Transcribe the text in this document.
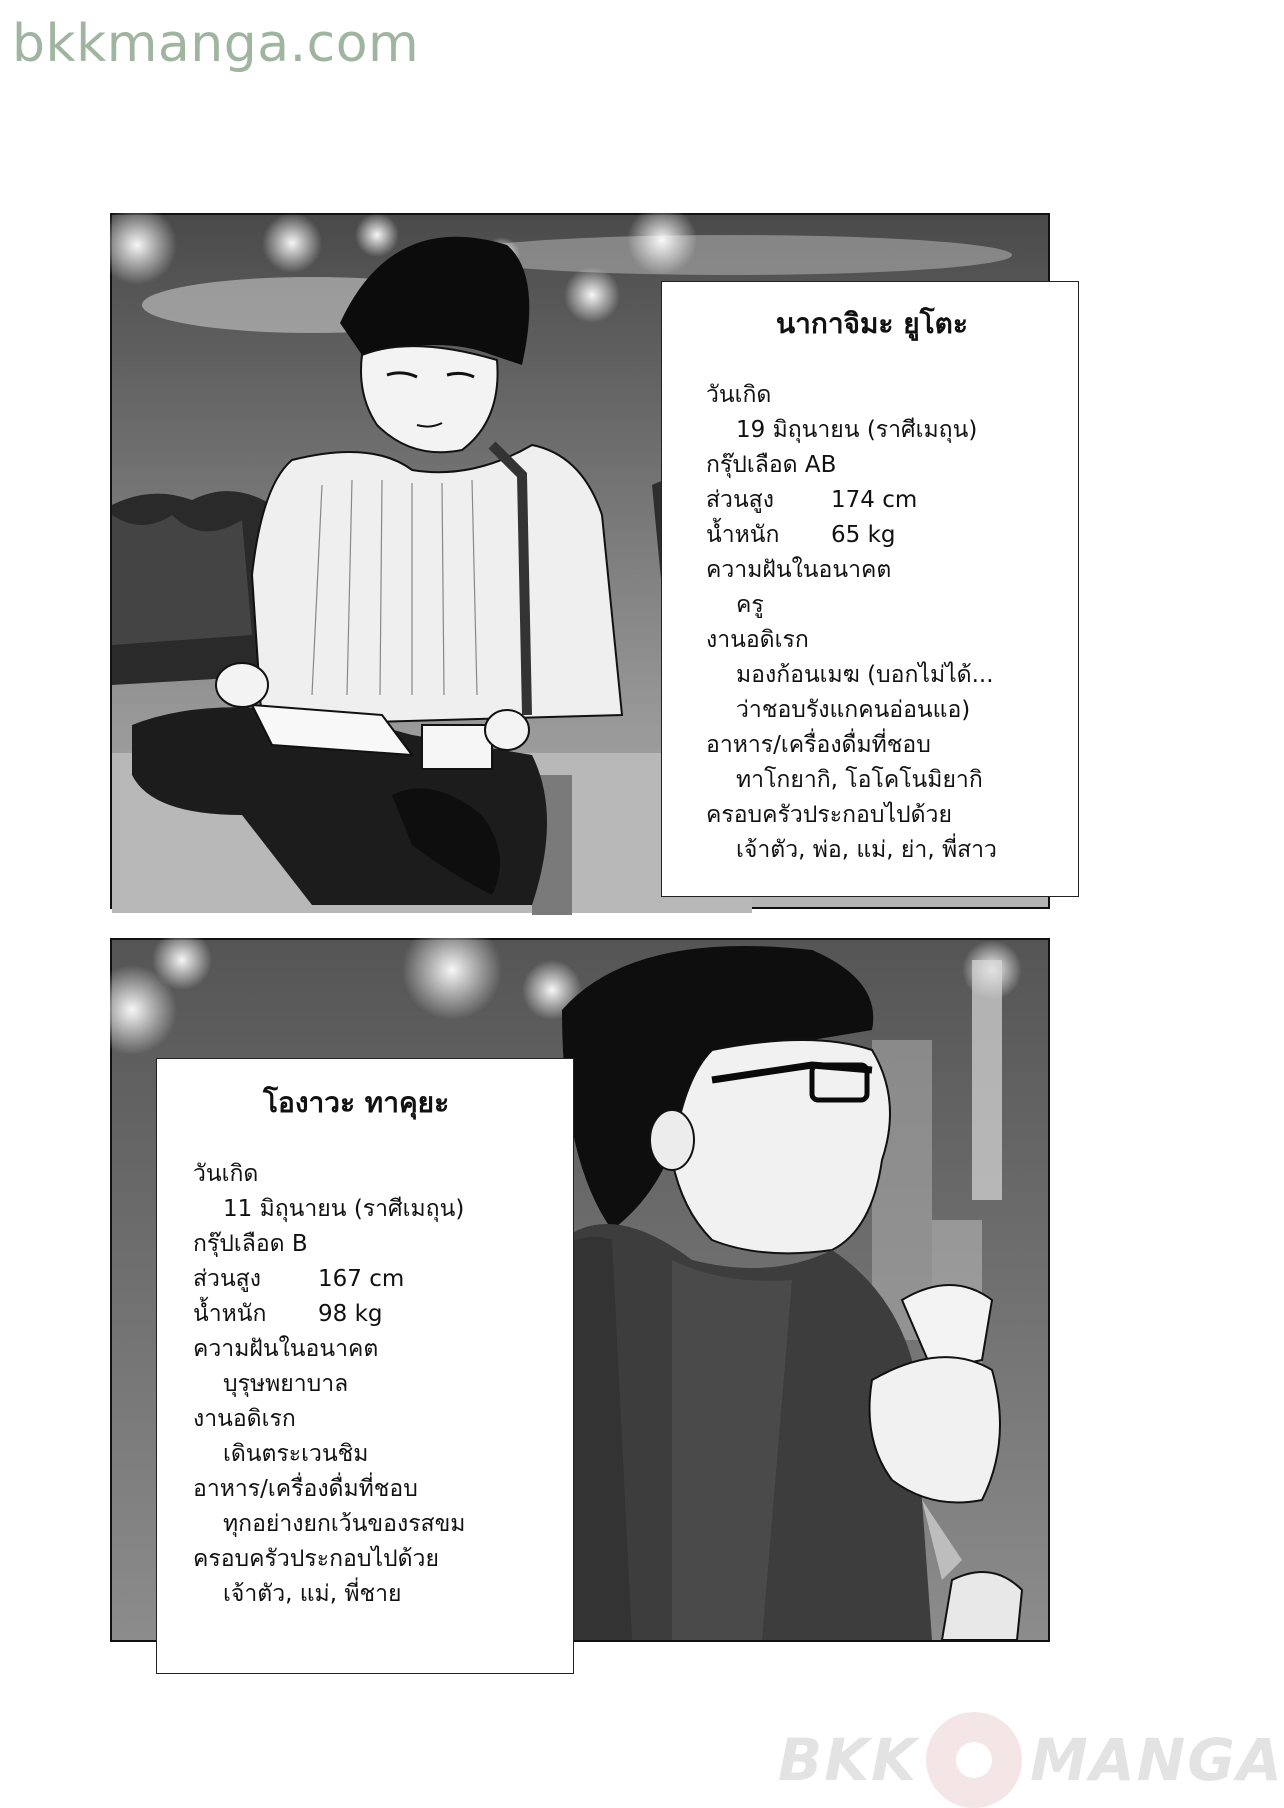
bkkmanga.com
นากาจิมะ ยูโตะ
วันเกิด
19 มิถุนายน (ราศีเมถุน)
กรุ๊ปเลือด AB
ส่วนสูง 174 cm
น้ำหนัก 65 kg
ความฝันในอนาคต
ครู
งานอดิเรก
มองก้อนเมฆ (บอกไม่ได้...
ว่าชอบรังแกคนอ่อนแอ)
อาหาร/เครื่องดื่มที่ชอบ
ทาโกยากิ, โอโคโนมิยากิ
ครอบครัวประกอบไปด้วย
เจ้าตัว, พ่อ, แม่, ย่า, พี่สาว
โองาวะ ทาคุยะ
วันเกิด
11 มิถุนายน (ราศีเมถุน)
กรุ๊ปเลือด B
ส่วนสูง 167 cm
น้ำหนัก 98 kg
ความฝันในอนาคต
บุรุษพยาบาล
งานอดิเรก
เดินตระเวนชิม
อาหาร/เครื่องดื่มที่ชอบ
ทุกอย่างยกเว้นของรสขม
ครอบครัวประกอบไปด้วย
เจ้าตัว, แม่, พี่ชาย
BKK MANGA
